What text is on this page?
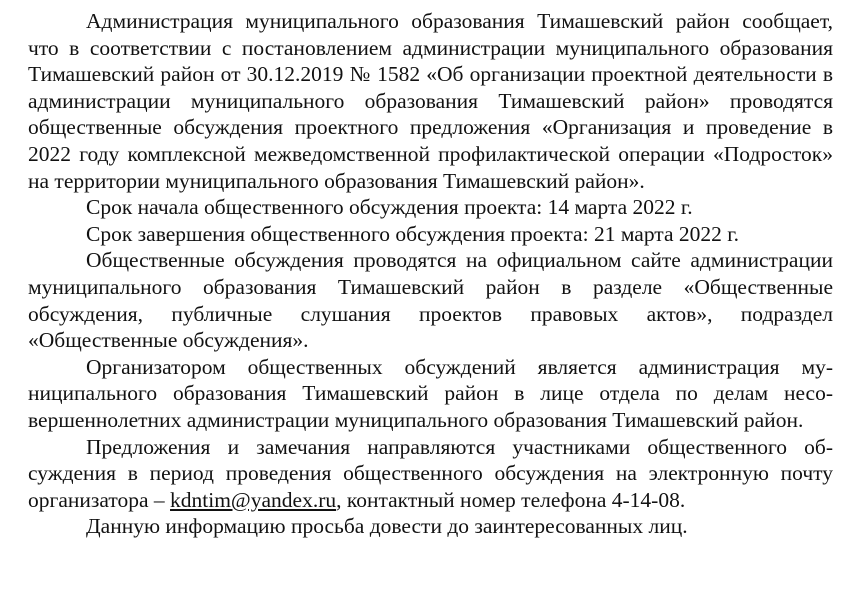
Администрация муниципального образования Тимашевский район сообщает, что в соответствии с постановлением администрации муниципального образования Тимашевский район от 30.12.2019 № 1582 «Об организации проектной деятельности в администрации муниципального образования Тимашевский район» проводятся общественные обсуждения проектного предложения «Организация и проведение в 2022 году комплексной межведомственной профилактической операции «Подросток» на территории муниципального образования Тимашевский район».

Срок начала общественного обсуждения проекта: 14 марта 2022 г.

Срок завершения общественного обсуждения проекта: 21 марта 2022 г.

Общественные обсуждения проводятся на официальном сайте администрации муниципального образования Тимашевский район в разделе «Общественные обсуждения, публичные слушания проектов правовых актов», подраздел «Общественные обсуждения».

Организатором общественных обсуждений является администрация муниципального образования Тимашевский район в лице отдела по делам несовершеннолетних администрации муниципального образования Тимашевский район.

Предложения и замечания направляются участниками общественного обсуждения в период проведения общественного обсуждения на электронную почту организатора – kdntim@yandex.ru, контактный номер телефона 4-14-08.

Данную информацию просьба довести до заинтересованных лиц.
